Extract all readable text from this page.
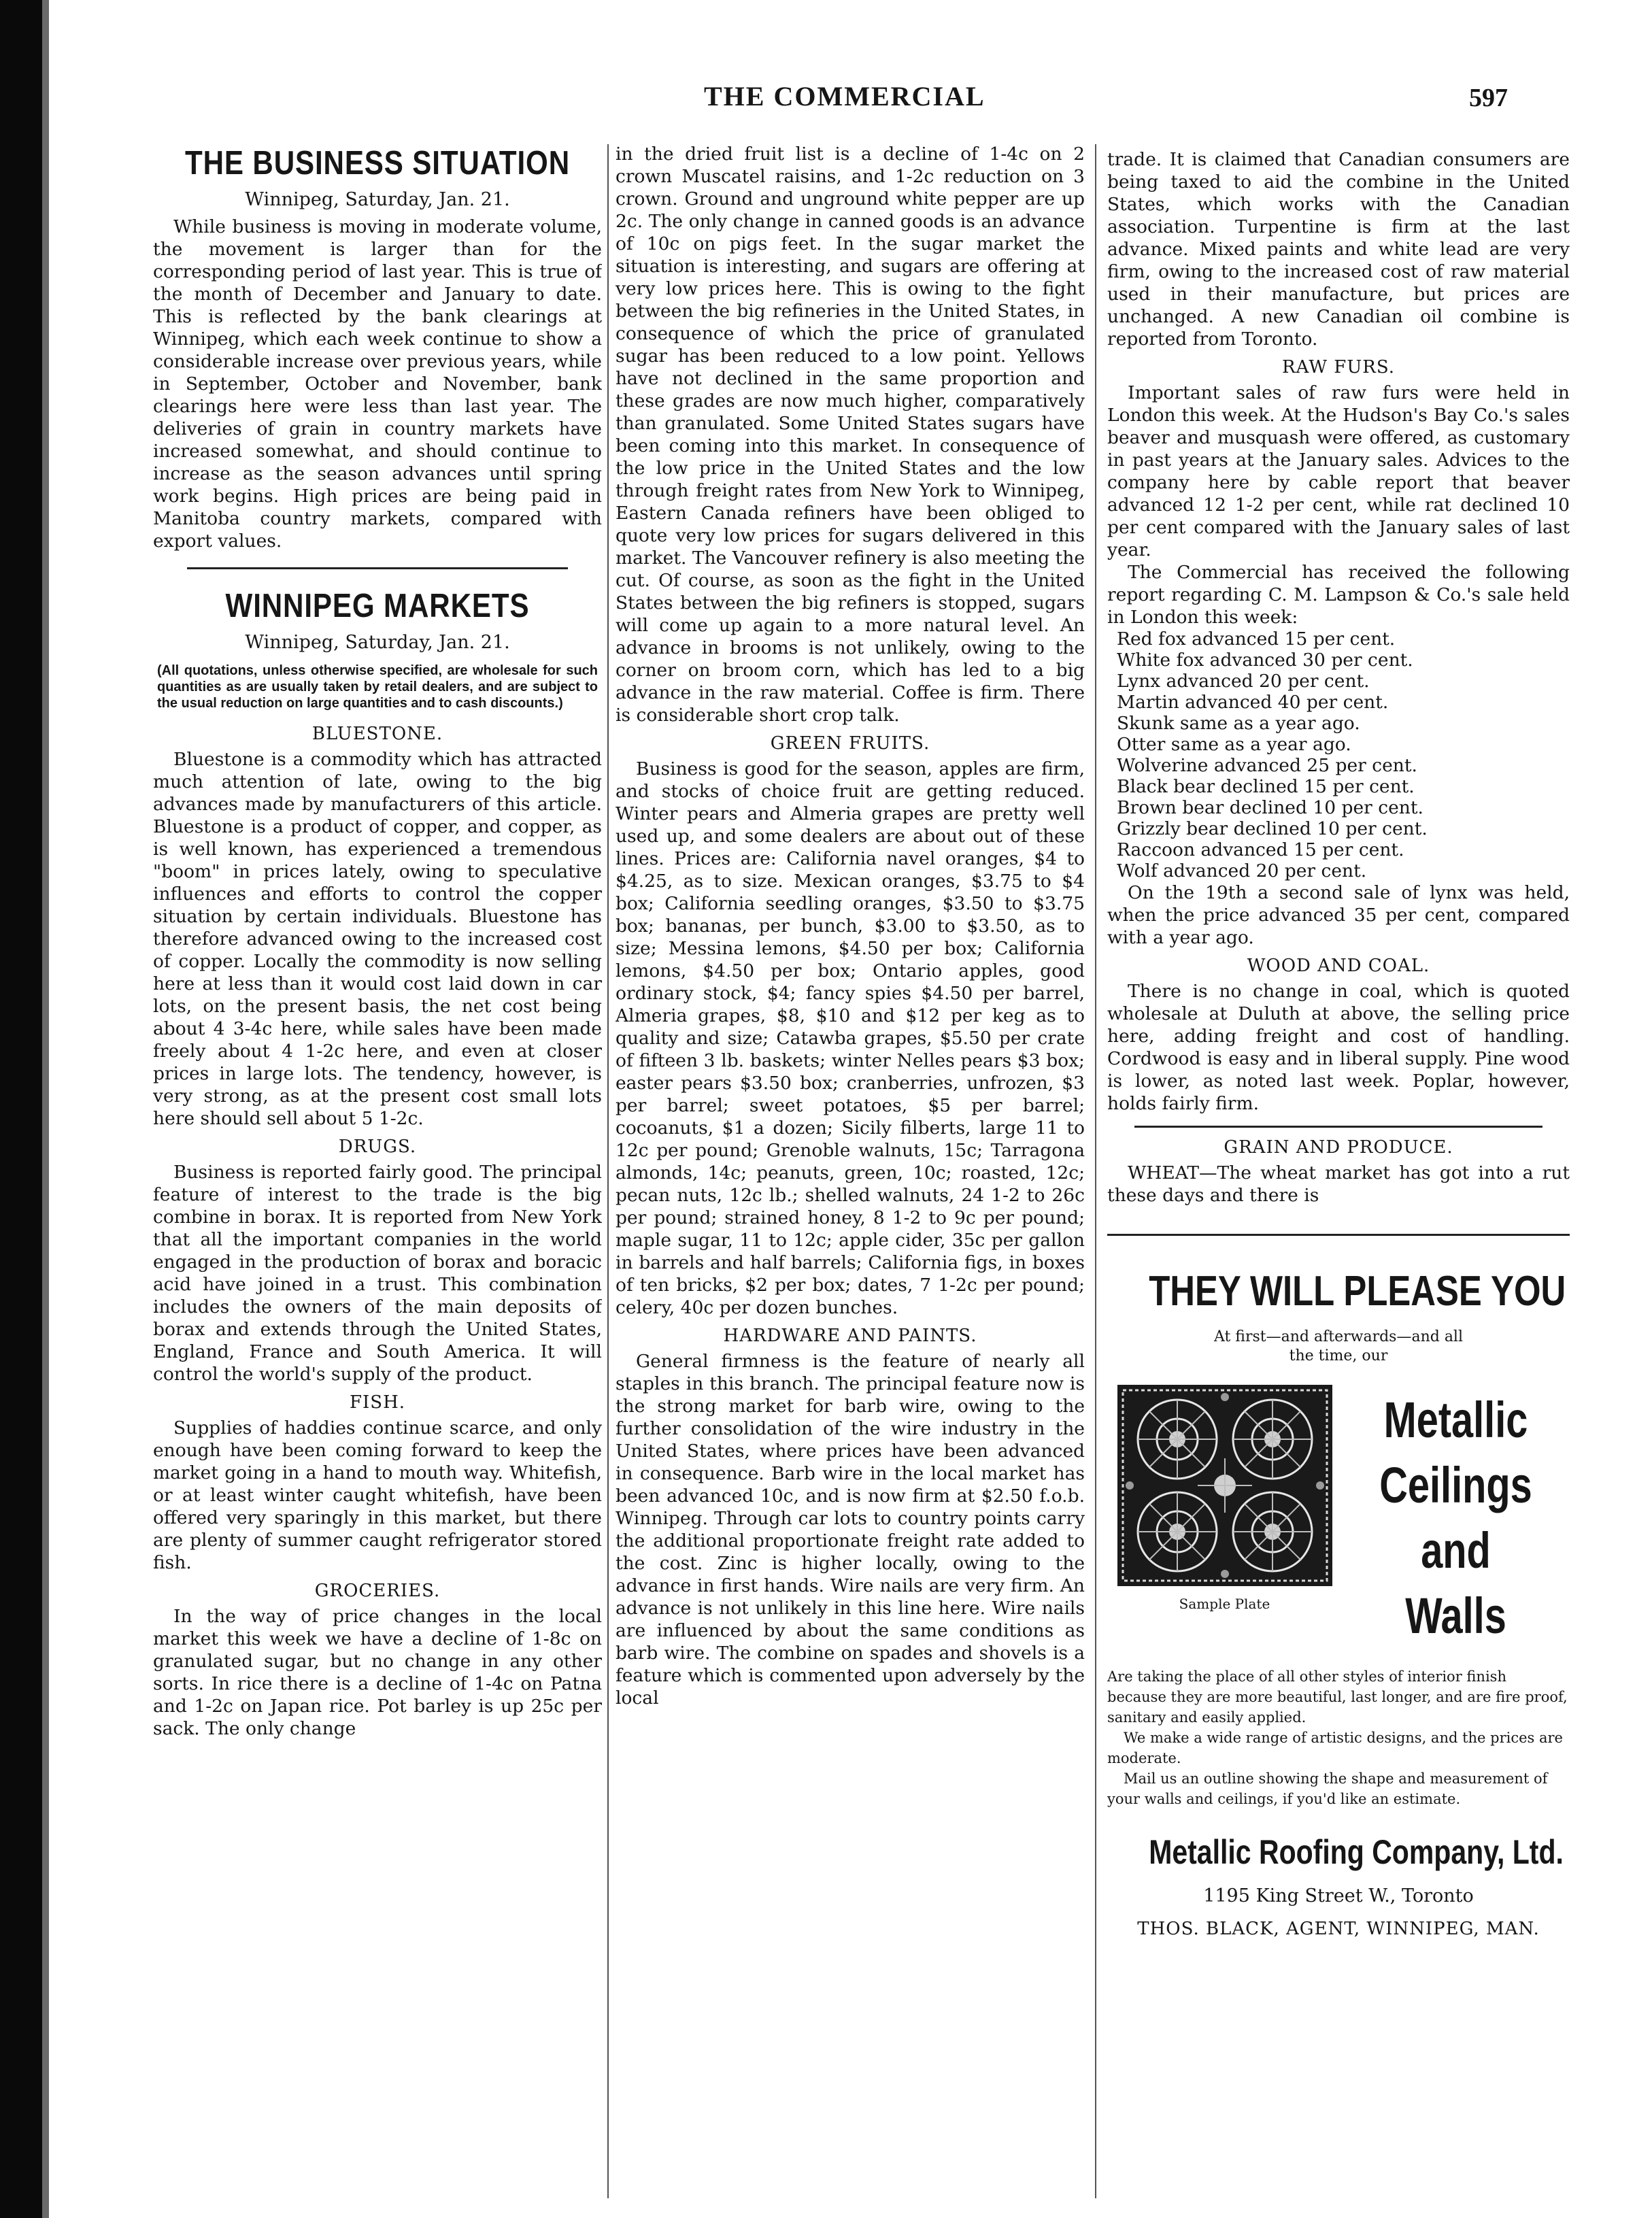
THE COMMERCIAL	597
THE BUSINESS SITUATION
Winnipeg, Saturday, Jan. 21.

While business is moving in moderate volume, the movement is larger than for the corresponding period of last year. This is true of the month of December and January to date. This is reflected by the bank clearings at Winnipeg, which each week continue to show a considerable increase over previous years, while in September, October and November, bank clearings here were less than last year. The deliveries of grain in country markets have increased somewhat, and should continue to increase as the season advances until spring work begins. High prices are being paid in Manitoba country markets, compared with export values.

WINNIPEG MARKETS
Winnipeg, Saturday, Jan. 21.
(All quotations, unless otherwise specified, are wholesale for such quantities as are usually taken by retail dealers, and are subject to the usual reduction on large quantities and to cash discounts.)
BLUESTONE.

Bluestone is a commodity which has attracted much attention of late, owing to the big advances made by manufacturers of this article. Bluestone is a product of copper, and copper, as is well known, has experienced a tremendous "boom" in prices lately, owing to speculative influences and efforts to control the copper situation by certain individuals. Bluestone has therefore advanced owing to the increased cost of copper. Locally the commodity is now selling here at less than it would cost laid down in car lots, on the present basis, the net cost being about 4 3-4c here, while sales have been made freely about 4 1-2c here, and even at closer prices in large lots. The tendency, however, is very strong, as at the present cost small lots here should sell about 5 1-2c.

DRUGS.

Business is reported fairly good. The principal feature of interest to the trade is the big combine in borax. It is reported from New York that all the important companies in the world engaged in the production of borax and boracic acid have joined in a trust. This combination includes the owners of the main deposits of borax and extends through the United States, England, France and South America. It will control the world's supply of the product.

FISH.

Supplies of haddies continue scarce, and only enough have been coming forward to keep the market going in a hand to mouth way. Whitefish, or at least winter caught whitefish, have been offered very sparingly in this market, but there are plenty of summer caught refrigerator stored fish.

GROCERIES.

In the way of price changes in the local market this week we have a decline of 1-8c on granulated sugar, but no change in any other sorts. In rice there is a decline of 1-4c on Patna and 1-2c on Japan rice. Pot barley is up 25c per sack. The only change

in the dried fruit list is a decline of 1-4c on 2 crown Muscatel raisins, and 1-2c reduction on 3 crown. Ground and unground white pepper are up 2c. The only change in canned goods is an advance of 10c on pigs feet. In the sugar market the situation is interesting, and sugars are offering at very low prices here. This is owing to the fight between the big refineries in the United States, in consequence of which the price of granulated sugar has been reduced to a low point. Yellows have not declined in the same proportion and these grades are now much higher, comparatively than granulated. Some United States sugars have been coming into this market. In consequence of the low price in the United States and the low through freight rates from New York to Winnipeg, Eastern Canada refiners have been obliged to quote very low prices for sugars delivered in this market. The Vancouver refinery is also meeting the cut. Of course, as soon as the fight in the United States between the big refiners is stopped, sugars will come up again to a more natural level. An advance in brooms is not unlikely, owing to the corner on broom corn, which has led to a big advance in the raw material. Coffee is firm. There is considerable short crop talk.

GREEN FRUITS.

Business is good for the season, apples are firm, and stocks of choice fruit are getting reduced. Winter pears and Almeria grapes are pretty well used up, and some dealers are about out of these lines. Prices are: California navel oranges, $4 to $4.25, as to size. Mexican oranges, $3.75 to $4 box; California seedling oranges, $3.50 to $3.75 box; bananas, per bunch, $3.00 to $3.50, as to size; Messina lemons, $4.50 per box; California lemons, $4.50 per box; Ontario apples, good ordinary stock, $4; fancy spies $4.50 per barrel, Almeria grapes, $8, $10 and $12 per keg as to quality and size; Catawba grapes, $5.50 per crate of fifteen 3 lb. baskets; winter Nelles pears $3 box; easter pears $3.50 box; cranberries, unfrozen, $3 per barrel; sweet potatoes, $5 per barrel; cocoanuts, $1 a dozen; Sicily filberts, large 11 to 12c per pound; Grenoble walnuts, 15c; Tarragona almonds, 14c; peanuts, green, 10c; roasted, 12c; pecan nuts, 12c lb.; shelled walnuts, 24 1-2 to 26c per pound; strained honey, 8 1-2 to 9c per pound; maple sugar, 11 to 12c; apple cider, 35c per gallon in barrels and half barrels; California figs, in boxes of ten bricks, $2 per box; dates, 7 1-2c per pound; celery, 40c per dozen bunches.

HARDWARE AND PAINTS.

General firmness is the feature of nearly all staples in this branch. The principal feature now is the strong market for barb wire, owing to the further consolidation of the wire industry in the United States, where prices have been advanced in consequence. Barb wire in the local market has been advanced 10c, and is now firm at $2.50 f.o.b. Winnipeg. Through car lots to country points carry the additional proportionate freight rate added to the cost. Zinc is higher locally, owing to the advance in first hands. Wire nails are very firm. An advance is not unlikely in this line here. Wire nails are influenced by about the same conditions as barb wire. The combine on spades and shovels is a feature which is commented upon adversely by the local

trade. It is claimed that Canadian consumers are being taxed to aid the combine in the United States, which works with the Canadian association. Turpentine is firm at the last advance. Mixed paints and white lead are very firm, owing to the increased cost of raw material used in their manufacture, but prices are unchanged. A new Canadian oil combine is reported from Toronto.

RAW FURS.

Important sales of raw furs were held in London this week. At the Hudson's Bay Co.'s sales beaver and musquash were offered, as customary in past years at the January sales. Advices to the company here by cable report that beaver advanced 12 1-2 per cent, while rat declined 10 per cent compared with the January sales of last year.

The Commercial has received the following report regarding C. M. Lampson & Co.'s sale held in London this week:

Red fox advanced 15 per cent.
White fox advanced 30 per cent.
Lynx advanced 20 per cent.
Martin advanced 40 per cent.
Skunk same as a year ago.
Otter same as a year ago.
Wolverine advanced 25 per cent.
Black bear declined 15 per cent.
Brown bear declined 10 per cent.
Grizzly bear declined 10 per cent.
Raccoon advanced 15 per cent.
Wolf advanced 20 per cent.

On the 19th a second sale of lynx was held, when the price advanced 35 per cent, compared with a year ago.

WOOD AND COAL.

There is no change in coal, which is quoted wholesale at Duluth at above, the selling price here, adding freight and cost of handling. Cordwood is easy and in liberal supply. Pine wood is lower, as noted last week. Poplar, however, holds fairly firm.

GRAIN AND PRODUCE.

WHEAT—The wheat market has got into a rut these days and there is

THEY WILL PLEASE YOU
At first—and afterwards—and all
the time, our
Sample Plate
Metallic
Ceilings
and Walls

Are taking the place of all other styles of interior finish because they are more beautiful, last longer, and are fire proof, sanitary and easily applied.

We make a wide range of artistic designs, and the prices are moderate.

Mail us an outline showing the shape and measurement of your walls and ceilings, if you'd like an estimate.

Metallic Roofing Company, Ltd.
1195 King Street W., Toronto
THOS. BLACK, AGENT, WINNIPEG, MAN.
